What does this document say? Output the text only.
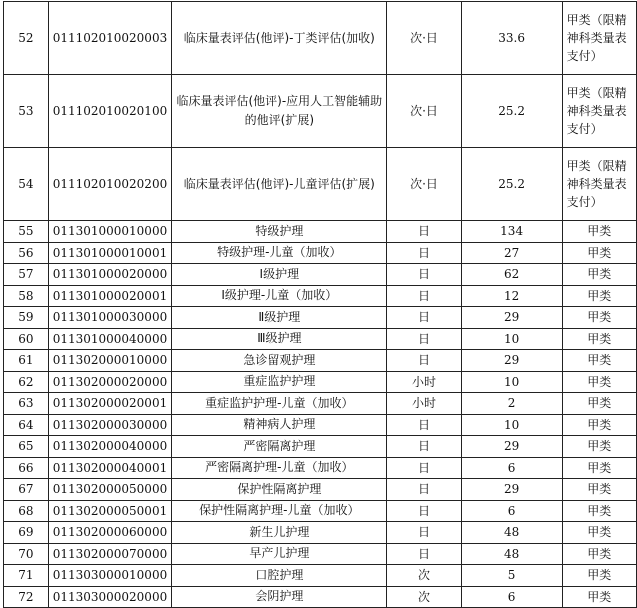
52	011102010020003	临床量表评估(他评)-丁类评估(加收)	次·日	33.6	甲类（限精神科类量表支付）
53	011102010020100	临床量表评估(他评)-应用人工智能辅助的他评(扩展)	次·日	25.2	甲类（限精神科类量表支付）
54	011102010020200	临床量表评估(他评)-儿童评估(扩展)	次·日	25.2	甲类（限精神科类量表支付）
55	011301000010000	特级护理	日	134	甲类
56	011301000010001	特级护理-儿童（加收）	日	27	甲类
57	011301000020000	Ⅰ级护理	日	62	甲类
58	011301000020001	Ⅰ级护理-儿童（加收）	日	12	甲类
59	011301000030000	Ⅱ级护理	日	29	甲类
60	011301000040000	Ⅲ级护理	日	10	甲类
61	011302000010000	急诊留观护理	日	29	甲类
62	011302000020000	重症监护护理	小时	10	甲类
63	011302000020001	重症监护护理-儿童（加收）	小时	2	甲类
64	011302000030000	精神病人护理	日	10	甲类
65	011302000040000	严密隔离护理	日	29	甲类
66	011302000040001	严密隔离护理-儿童（加收）	日	6	甲类
67	011302000050000	保护性隔离护理	日	29	甲类
68	011302000050001	保护性隔离护理-儿童（加收）	日	6	甲类
69	011302000060000	新生儿护理	日	48	甲类
70	011302000070000	早产儿护理	日	48	甲类
71	011303000010000	口腔护理	次	5	甲类
72	011303000020000	会阴护理	次	6	甲类
